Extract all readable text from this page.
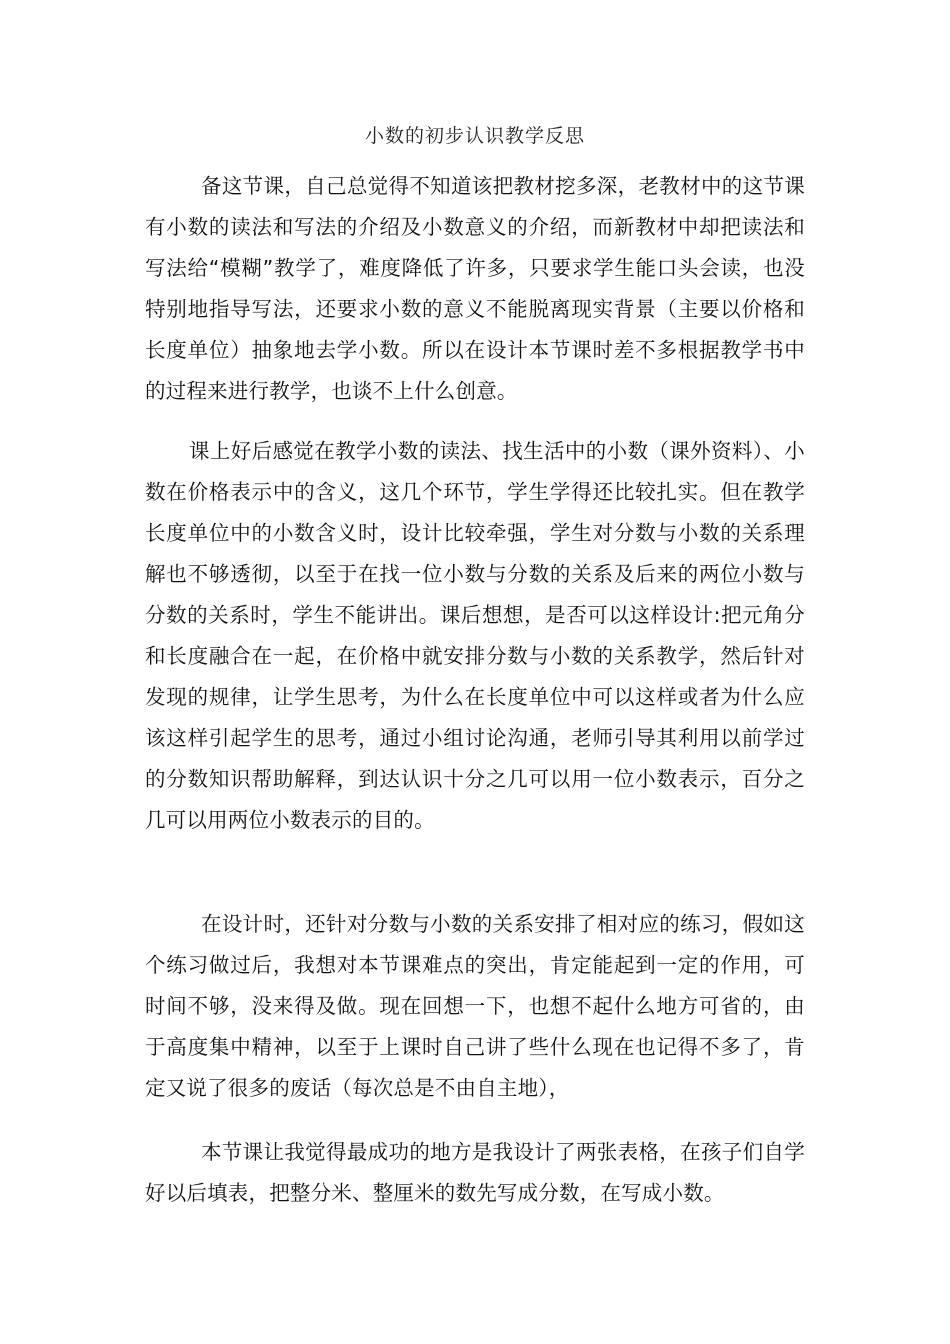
小数的初步认识教学反思

备这节课，自己总觉得不知道该把教材挖多深，老教材中的这节课有小数的读法和写法的介绍及小数意义的介绍，而新教材中却把读法和写法给“模糊”教学了，难度降低了许多，只要求学生能口头会读，也没特别地指导写法，还要求小数的意义不能脱离现实背景（主要以价格和长度单位）抽象地去学小数。所以在设计本节课时差不多根据教学书中的过程来进行教学，也谈不上什么创意。

课上好后感觉在教学小数的读法、找生活中的小数（课外资料）、小数在价格表示中的含义，这几个环节，学生学得还比较扎实。但在教学长度单位中的小数含义时，设计比较牵强，学生对分数与小数的关系理解也不够透彻，以至于在找一位小数与分数的关系及后来的两位小数与分数的关系时，学生不能讲出。课后想想，是否可以这样设计:把元角分和长度融合在一起，在价格中就安排分数与小数的关系教学，然后针对发现的规律，让学生思考，为什么在长度单位中可以这样或者为什么应该这样引起学生的思考，通过小组讨论沟通，老师引导其利用以前学过的分数知识帮助解释，到达认识十分之几可以用一位小数表示，百分之几可以用两位小数表示的目的。

在设计时，还针对分数与小数的关系安排了相对应的练习，假如这个练习做过后，我想对本节课难点的突出，肯定能起到一定的作用，可时间不够，没来得及做。现在回想一下，也想不起什么地方可省的，由于高度集中精神，以至于上课时自己讲了些什么现在也记得不多了，肯定又说了很多的废话（每次总是不由自主地），

本节课让我觉得最成功的地方是我设计了两张表格，在孩子们自学好以后填表，把整分米、整厘米的数先写成分数，在写成小数。
